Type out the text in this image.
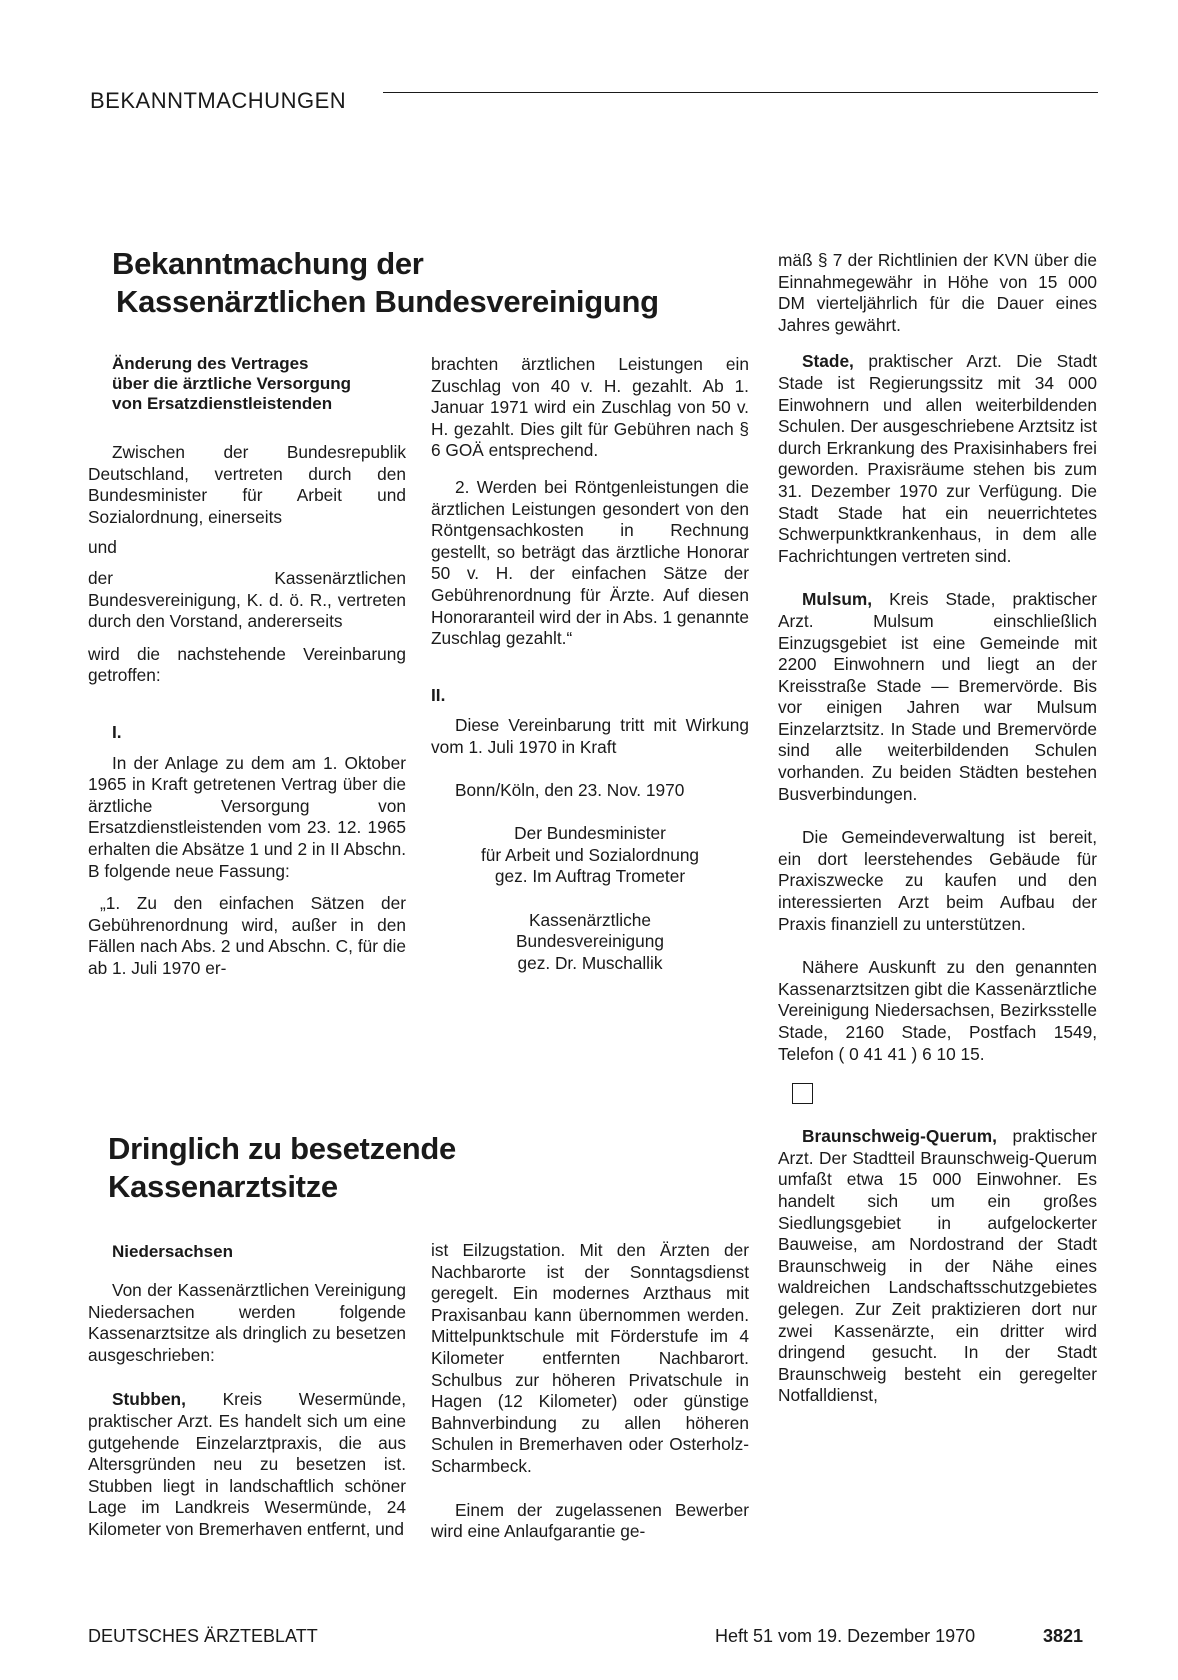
BEKANNTMACHUNGEN
Bekanntmachung der
Kassenärztlichen Bundesvereinigung
Änderung des Vertrages
über die ärztliche Versorgung
von Ersatzdienstleistenden

Zwischen der Bundesrepublik Deutschland, vertreten durch den Bundesminister für Arbeit und Sozialordnung, einerseits

und

der Kassenärztlichen Bundesvereinigung, K. d. ö. R., vertreten durch den Vorstand, andererseits

wird die nachstehende Vereinbarung getroffen:

I.

In der Anlage zu dem am 1. Oktober 1965 in Kraft getretenen Vertrag über die ärztliche Versorgung von Ersatzdienstleistenden vom 23. 12. 1965 erhalten die Absätze 1 und 2 in II Abschn. B folgende neue Fassung:

„1. Zu den einfachen Sätzen der Gebührenordnung wird, außer in den Fällen nach Abs. 2 und Abschn. C, für die ab 1. Juli 1970 er-

brachten ärztlichen Leistungen ein Zuschlag von 40 v. H. gezahlt. Ab 1. Januar 1971 wird ein Zuschlag von 50 v. H. gezahlt. Dies gilt für Gebühren nach § 6 GOÄ entsprechend.

2. Werden bei Röntgenleistungen die ärztlichen Leistungen gesondert von den Röntgensachkosten in Rechnung gestellt, so beträgt das ärztliche Honorar 50 v. H. der einfachen Sätze der Gebührenordnung für Ärzte. Auf diesen Honoraranteil wird der in Abs. 1 genannte Zuschlag gezahlt.“

II.

Diese Vereinbarung tritt mit Wirkung vom 1. Juli 1970 in Kraft

Bonn/Köln, den 23. Nov. 1970

Der Bundesminister
für Arbeit und Sozialordnung
gez. Im Auftrag Trometer
Kassenärztliche
Bundesvereinigung
gez. Dr. Muschallik

mäß § 7 der Richtlinien der KVN über die Einnahmegewähr in Höhe von 15 000 DM vierteljährlich für die Dauer eines Jahres gewährt.

Stade, praktischer Arzt. Die Stadt Stade ist Regierungssitz mit 34 000 Einwohnern und allen weiterbildenden Schulen. Der ausgeschriebene Arztsitz ist durch Erkrankung des Praxisinhabers frei geworden. Praxisräume stehen bis zum 31. Dezember 1970 zur Verfügung. Die Stadt Stade hat ein neuerrichtetes Schwerpunktkrankenhaus, in dem alle Fachrichtungen vertreten sind.

Mulsum, Kreis Stade, praktischer Arzt. Mulsum einschließlich Einzugsgebiet ist eine Gemeinde mit 2200 Einwohnern und liegt an der Kreisstraße Stade — Bremervörde. Bis vor einigen Jahren war Mulsum Einzelarztsitz. In Stade und Bremervörde sind alle weiterbildenden Schulen vorhanden. Zu beiden Städten bestehen Busverbindungen.

Die Gemeindeverwaltung ist bereit, ein dort leerstehendes Gebäude für Praxiszwecke zu kaufen und den interessierten Arzt beim Aufbau der Praxis finanziell zu unterstützen.

Nähere Auskunft zu den genannten Kassenarztsitzen gibt die Kassenärztliche Vereinigung Niedersachsen, Bezirksstelle Stade, 2160 Stade, Postfach 1549, Telefon ( 0 41 41 ) 6 10 15.

Braunschweig-Querum, praktischer Arzt. Der Stadtteil Braunschweig-Querum umfaßt etwa 15 000 Einwohner. Es handelt sich um ein großes Siedlungsgebiet in aufgelockerter Bauweise, am Nordostrand der Stadt Braunschweig in der Nähe eines waldreichen Landschaftsschutzgebietes gelegen. Zur Zeit praktizieren dort nur zwei Kassenärzte, ein dritter wird dringend gesucht. In der Stadt Braunschweig besteht ein geregelter Notfalldienst,

Dringlich zu besetzende
Kassenarztsitze

Niedersachsen

Von der Kassenärztlichen Vereinigung Niedersachen werden folgende Kassenarztsitze als dringlich zu besetzen ausgeschrieben:

Stubben, Kreis Wesermünde, praktischer Arzt. Es handelt sich um eine gutgehende Einzelarztpraxis, die aus Altersgründen neu zu besetzen ist. Stubben liegt in landschaftlich schöner Lage im Landkreis Wesermünde, 24 Kilometer von Bremerhaven entfernt, und

ist Eilzugstation. Mit den Ärzten der Nachbarorte ist der Sonntagsdienst geregelt. Ein modernes Arzthaus mit Praxisanbau kann übernommen werden. Mittelpunktschule mit Förderstufe im 4 Kilometer entfernten Nachbarort. Schulbus zur höheren Privatschule in Hagen (12 Kilometer) oder günstige Bahnverbindung zu allen höheren Schulen in Bremerhaven oder Osterholz-Scharmbeck.

Einem der zugelassenen Bewerber wird eine Anlaufgarantie ge-

DEUTSCHES ÄRZTEBLATT	Heft 51 vom 19. Dezember 1970	3821
